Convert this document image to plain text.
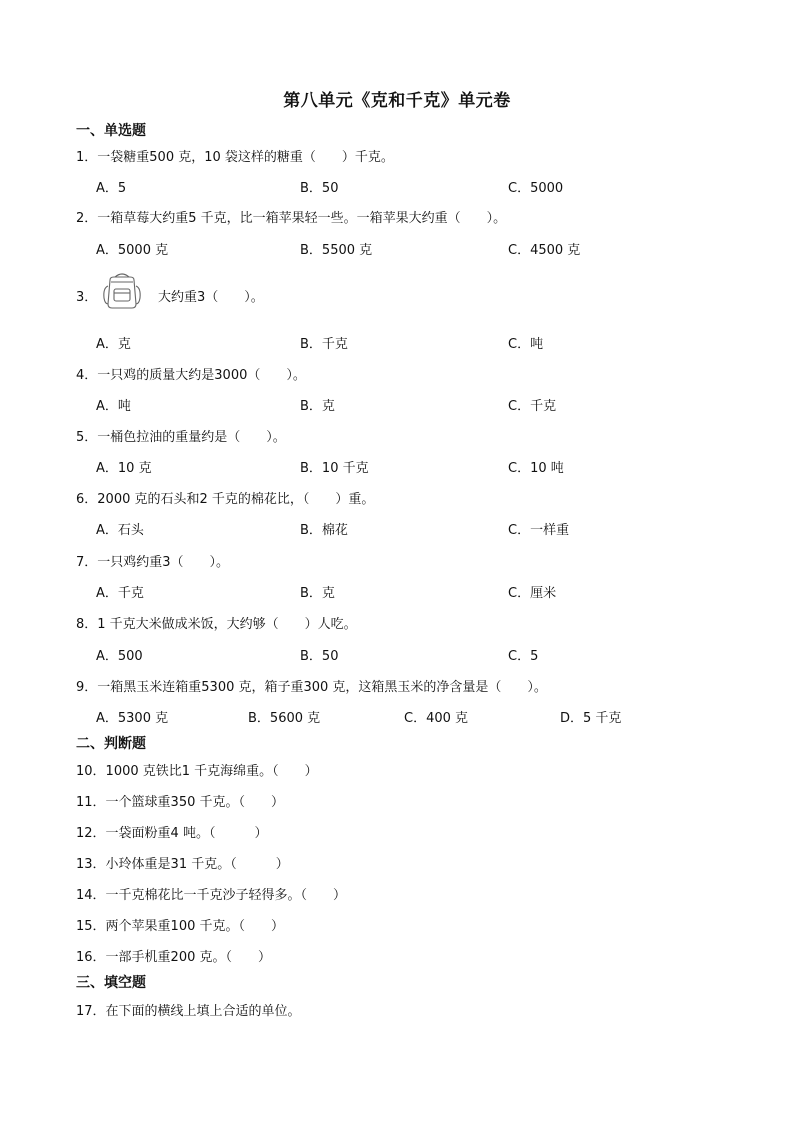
第八单元《克和千克》单元卷
一、单选题
1．一袋糖重500 克，10 袋这样的糖重（　　）千克。
A．5	B．50	C．5000
2．一箱草莓大约重5 千克，比一箱苹果轻一些。一箱苹果大约重（　　）。
A．5000 克	B．5500 克	C．4500 克
3．	大约重3（　　）。
A．克	B．千克	C．吨
4．一只鸡的质量大约是3000（　　）。
A．吨	B．克	C．千克
5．一桶色拉油的重量约是（　　）。
A．10 克	B．10 千克	C．10 吨
6．2000 克的石头和2 千克的棉花比，（　　）重。
A．石头	B．棉花	C．一样重
7．一只鸡约重3（　　）。
A．千克	B．克	C．厘米
8．1 千克大米做成米饭，大约够（　　）人吃。
A．500	B．50	C．5
9．一箱黑玉米连箱重5300 克，箱子重300 克，这箱黑玉米的净含量是（　　）。
A．5300 克	B．5600 克	C．400 克	D．5 千克
二、判断题
10．1000 克铁比1 千克海绵重。（　　）
11．一个篮球重350 千克。（　　）
12．一袋面粉重4 吨。（　　　）
13．小玲体重是31 千克。（　　　）
14．一千克棉花比一千克沙子轻得多。（　　）
15．两个苹果重100 千克。（　　）
16．一部手机重200 克。（　　）
三、填空题
17．在下面的横线上填上合适的单位。
